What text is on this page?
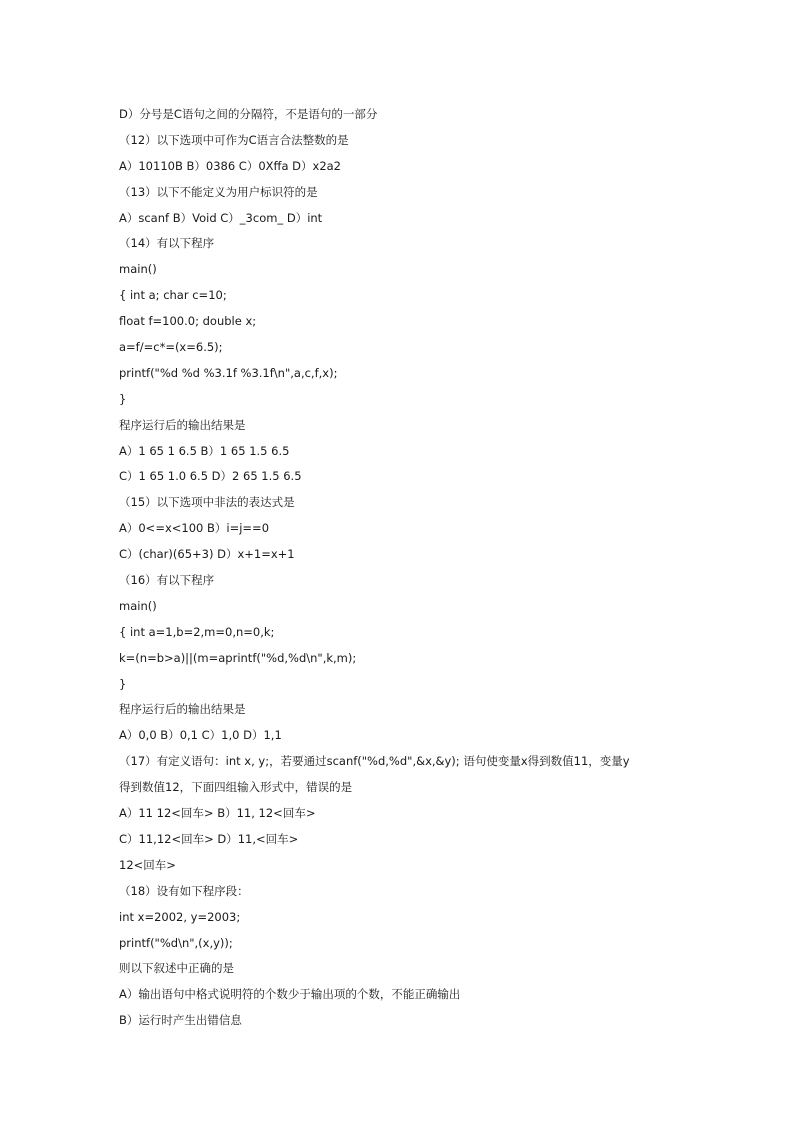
D）分号是C语句之间的分隔符，不是语句的一部分
（12）以下选项中可作为C语言合法整数的是
A）10110B B）0386 C）0Xffa D）x2a2
（13）以下不能定义为用户标识符的是
A）scanf B）Void C）_3com_ D）int
（14）有以下程序
main()
{ int a; char c=10;
float f=100.0; double x;
a=f/=c*=(x=6.5);
printf("%d %d %3.1f %3.1f\n",a,c,f,x);
}
程序运行后的输出结果是
A）1 65 1 6.5 B）1 65 1.5 6.5
C）1 65 1.0 6.5 D）2 65 1.5 6.5
（15）以下选项中非法的表达式是
A）0<=x<100 B）i=j==0
C）(char)(65+3) D）x+1=x+1
（16）有以下程序
main()
{ int a=1,b=2,m=0,n=0,k;
k=(n=b>a)||(m=aprintf("%d,%d\n",k,m);
}
程序运行后的输出结果是
A）0,0 B）0,1 C）1,0 D）1,1
（17）有定义语句：int x, y;，若要通过scanf("%d,%d",&x,&y); 语句使变量x得到数值11，变量y
得到数值12，下面四组输入形式中，错误的是
A）11 12<回车> B）11, 12<回车>
C）11,12<回车> D）11,<回车>
12<回车>
（18）设有如下程序段：
int x=2002, y=2003;
printf("%d\n",(x,y));
则以下叙述中正确的是
A）输出语句中格式说明符的个数少于输出项的个数，不能正确输出
B）运行时产生出错信息
